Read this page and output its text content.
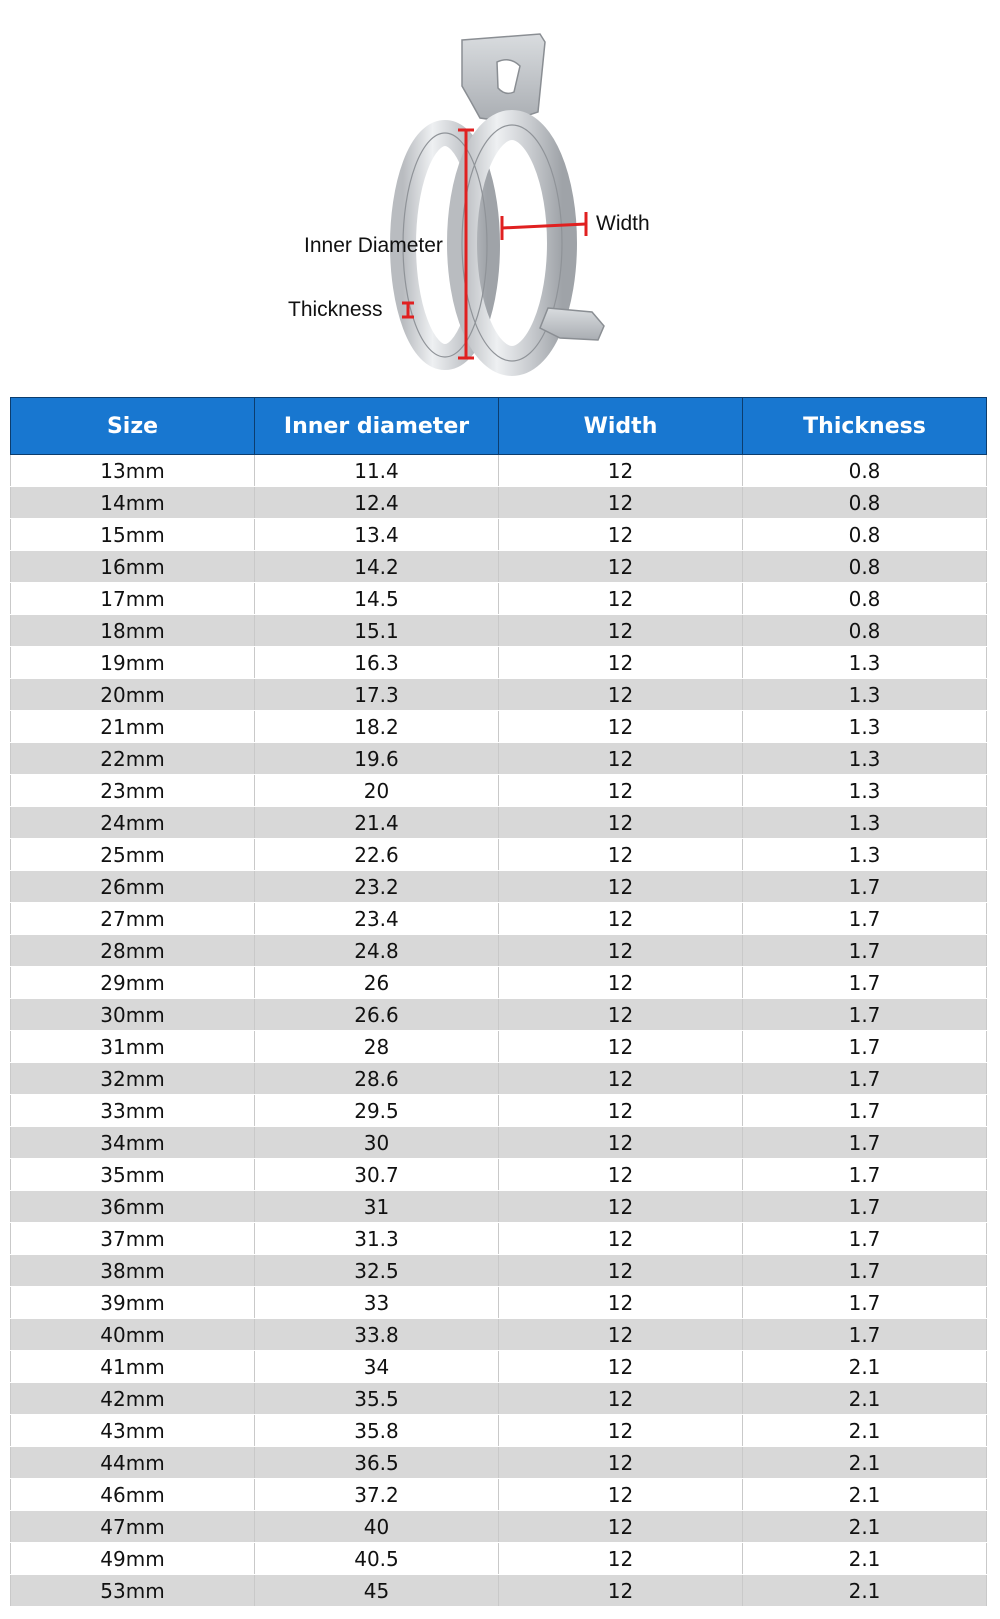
Inner Diameter
Width
Thickness
Size	Inner diameter	Width	Thickness
13mm	11.4	12	0.8
14mm	12.4	12	0.8
15mm	13.4	12	0.8
16mm	14.2	12	0.8
17mm	14.5	12	0.8
18mm	15.1	12	0.8
19mm	16.3	12	1.3
20mm	17.3	12	1.3
21mm	18.2	12	1.3
22mm	19.6	12	1.3
23mm	20	12	1.3
24mm	21.4	12	1.3
25mm	22.6	12	1.3
26mm	23.2	12	1.7
27mm	23.4	12	1.7
28mm	24.8	12	1.7
29mm	26	12	1.7
30mm	26.6	12	1.7
31mm	28	12	1.7
32mm	28.6	12	1.7
33mm	29.5	12	1.7
34mm	30	12	1.7
35mm	30.7	12	1.7
36mm	31	12	1.7
37mm	31.3	12	1.7
38mm	32.5	12	1.7
39mm	33	12	1.7
40mm	33.8	12	1.7
41mm	34	12	2.1
42mm	35.5	12	2.1
43mm	35.8	12	2.1
44mm	36.5	12	2.1
46mm	37.2	12	2.1
47mm	40	12	2.1
49mm	40.5	12	2.1
53mm	45	12	2.1
